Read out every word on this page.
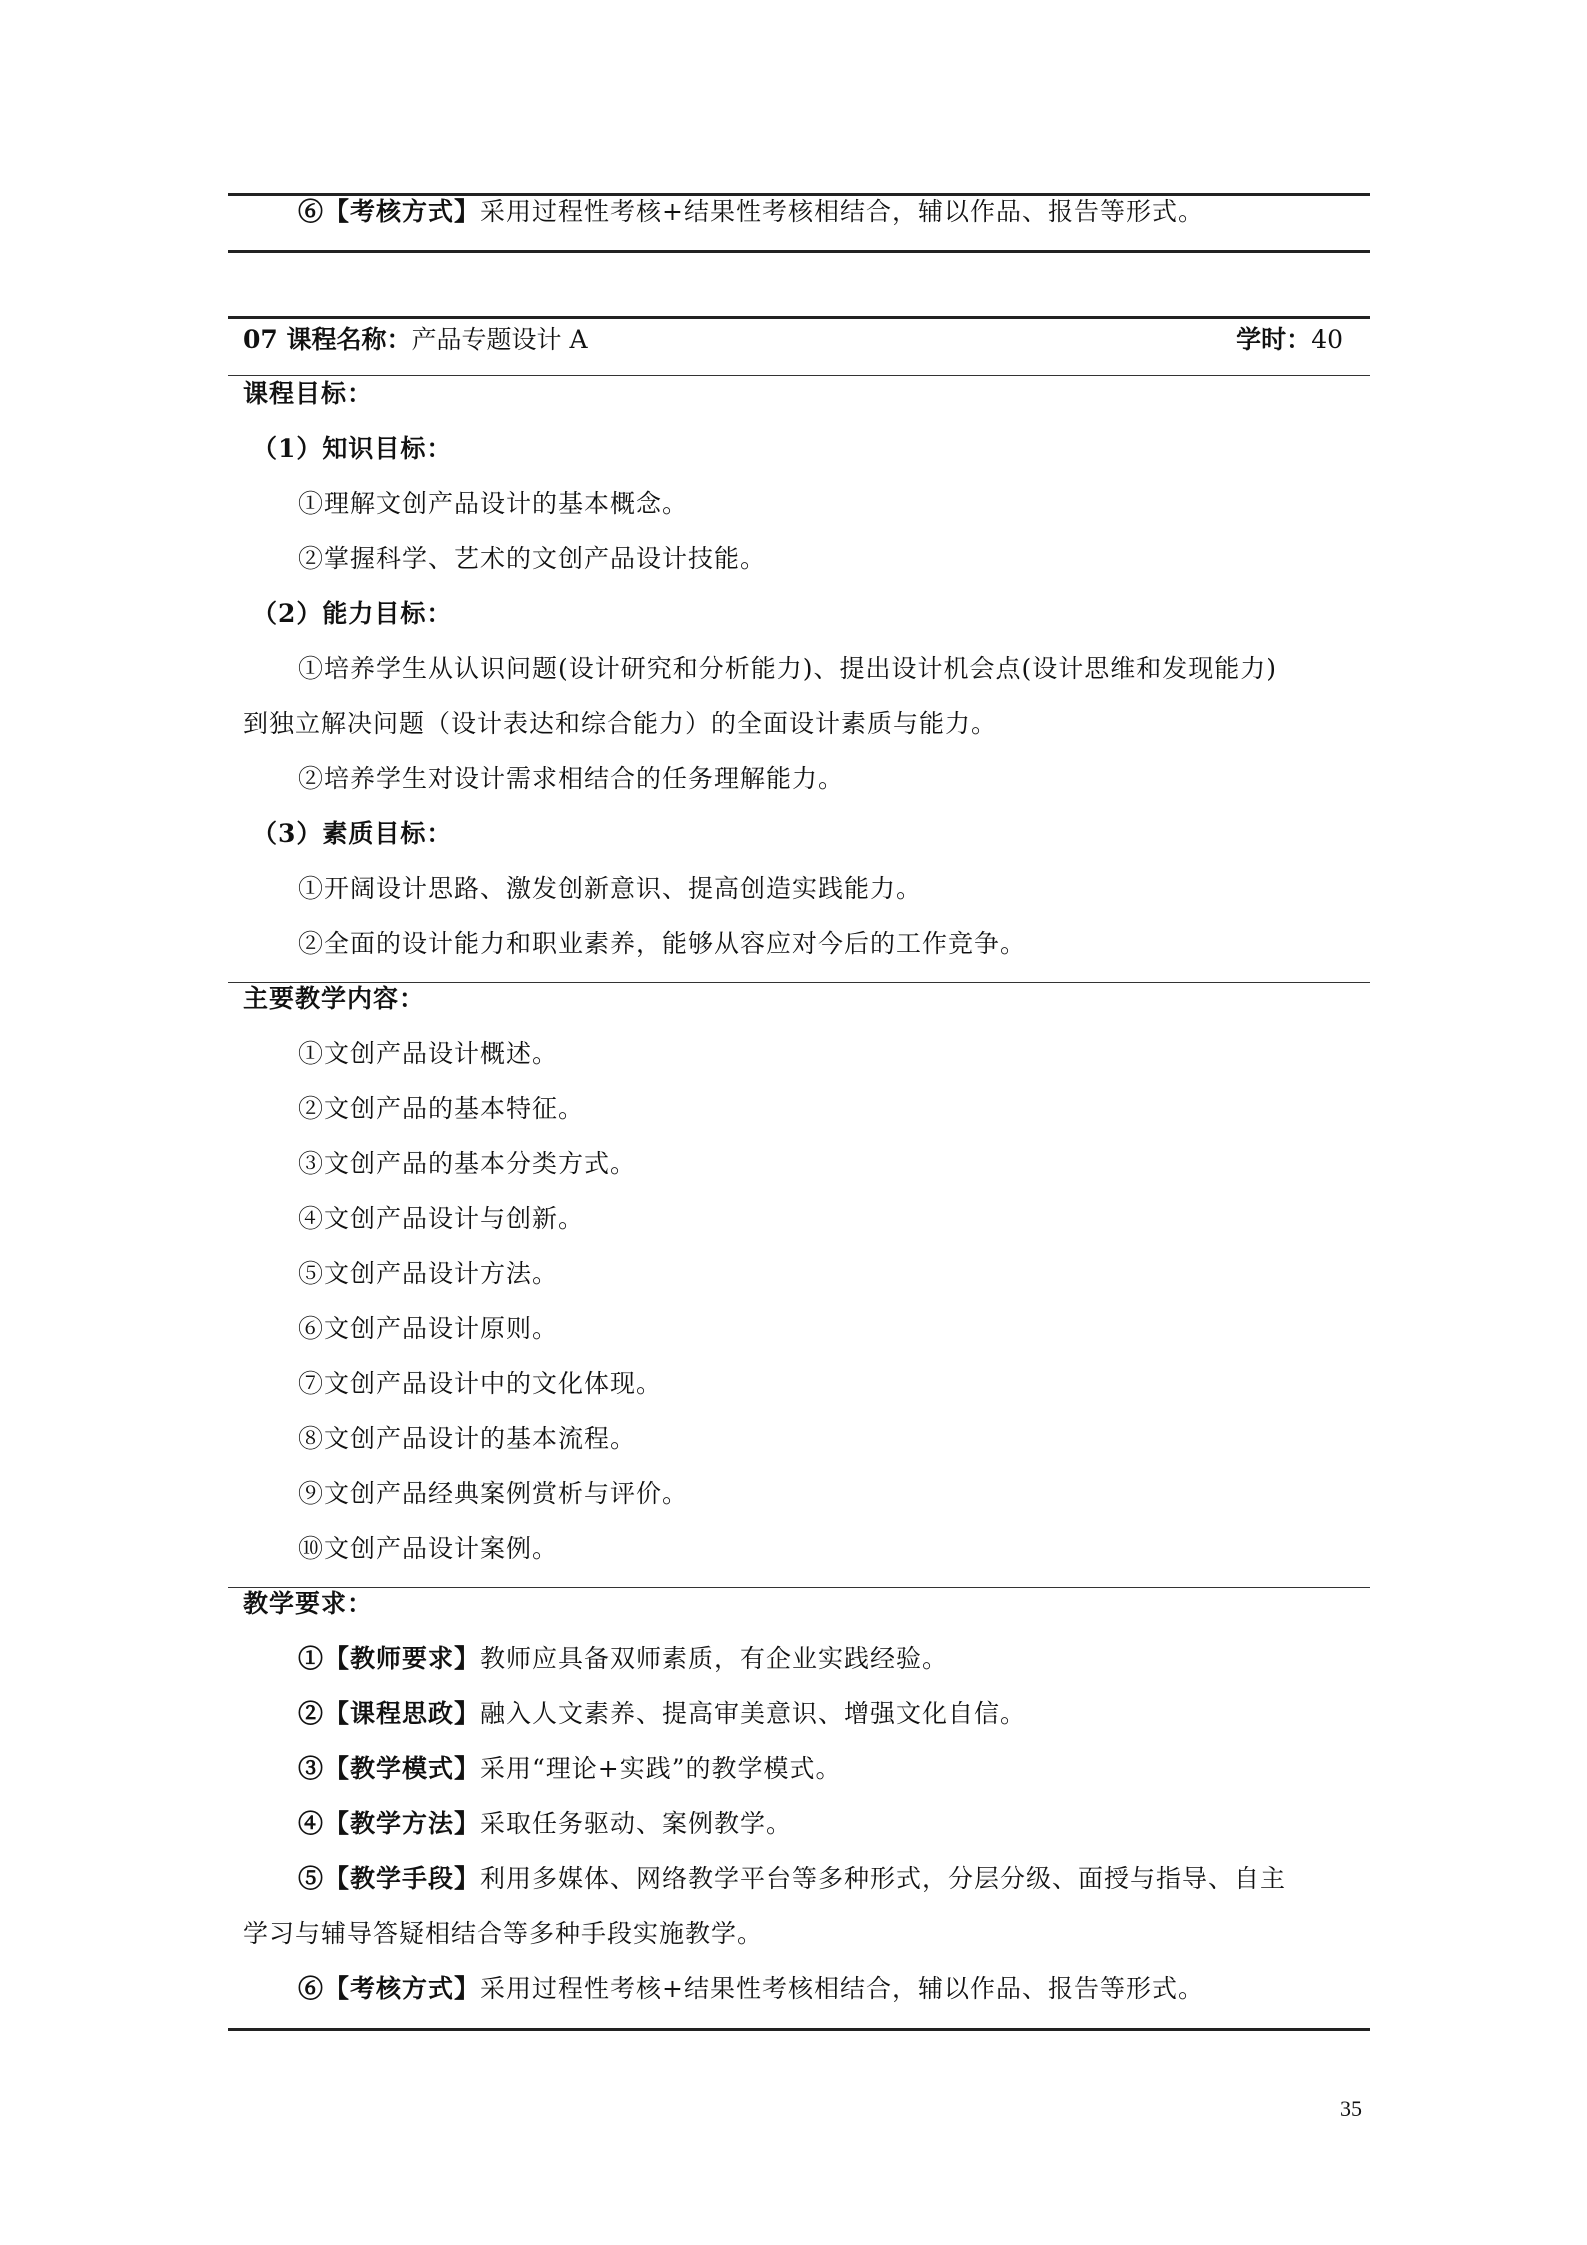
⑥【考核方式】采用过程性考核+结果性考核相结合，辅以作品、报告等形式。
07 课程名称：产品专题设计 A	学时：40
课程目标：
（1）知识目标：
①理解文创产品设计的基本概念。
②掌握科学、艺术的文创产品设计技能。
（2）能力目标：
①培养学生从认识问题(设计研究和分析能力)、提出设计机会点(设计思维和发现能力)
到独立解决问题（设计表达和综合能力）的全面设计素质与能力。
②培养学生对设计需求相结合的任务理解能力。
（3）素质目标：
①开阔设计思路、激发创新意识、提高创造实践能力。
②全面的设计能力和职业素养，能够从容应对今后的工作竞争。
主要教学内容：
①文创产品设计概述。
②文创产品的基本特征。
③文创产品的基本分类方式。
④文创产品设计与创新。
⑤文创产品设计方法。
⑥文创产品设计原则。
⑦文创产品设计中的文化体现。
⑧文创产品设计的基本流程。
⑨文创产品经典案例赏析与评价。
⑩文创产品设计案例。
教学要求：
①【教师要求】教师应具备双师素质，有企业实践经验。
②【课程思政】融入人文素养、提高审美意识、增强文化自信。
③【教学模式】采用“理论+实践”的教学模式。
④【教学方法】采取任务驱动、案例教学。
⑤【教学手段】利用多媒体、网络教学平台等多种形式，分层分级、面授与指导、自主
学习与辅导答疑相结合等多种手段实施教学。
⑥【考核方式】采用过程性考核+结果性考核相结合，辅以作品、报告等形式。
35
